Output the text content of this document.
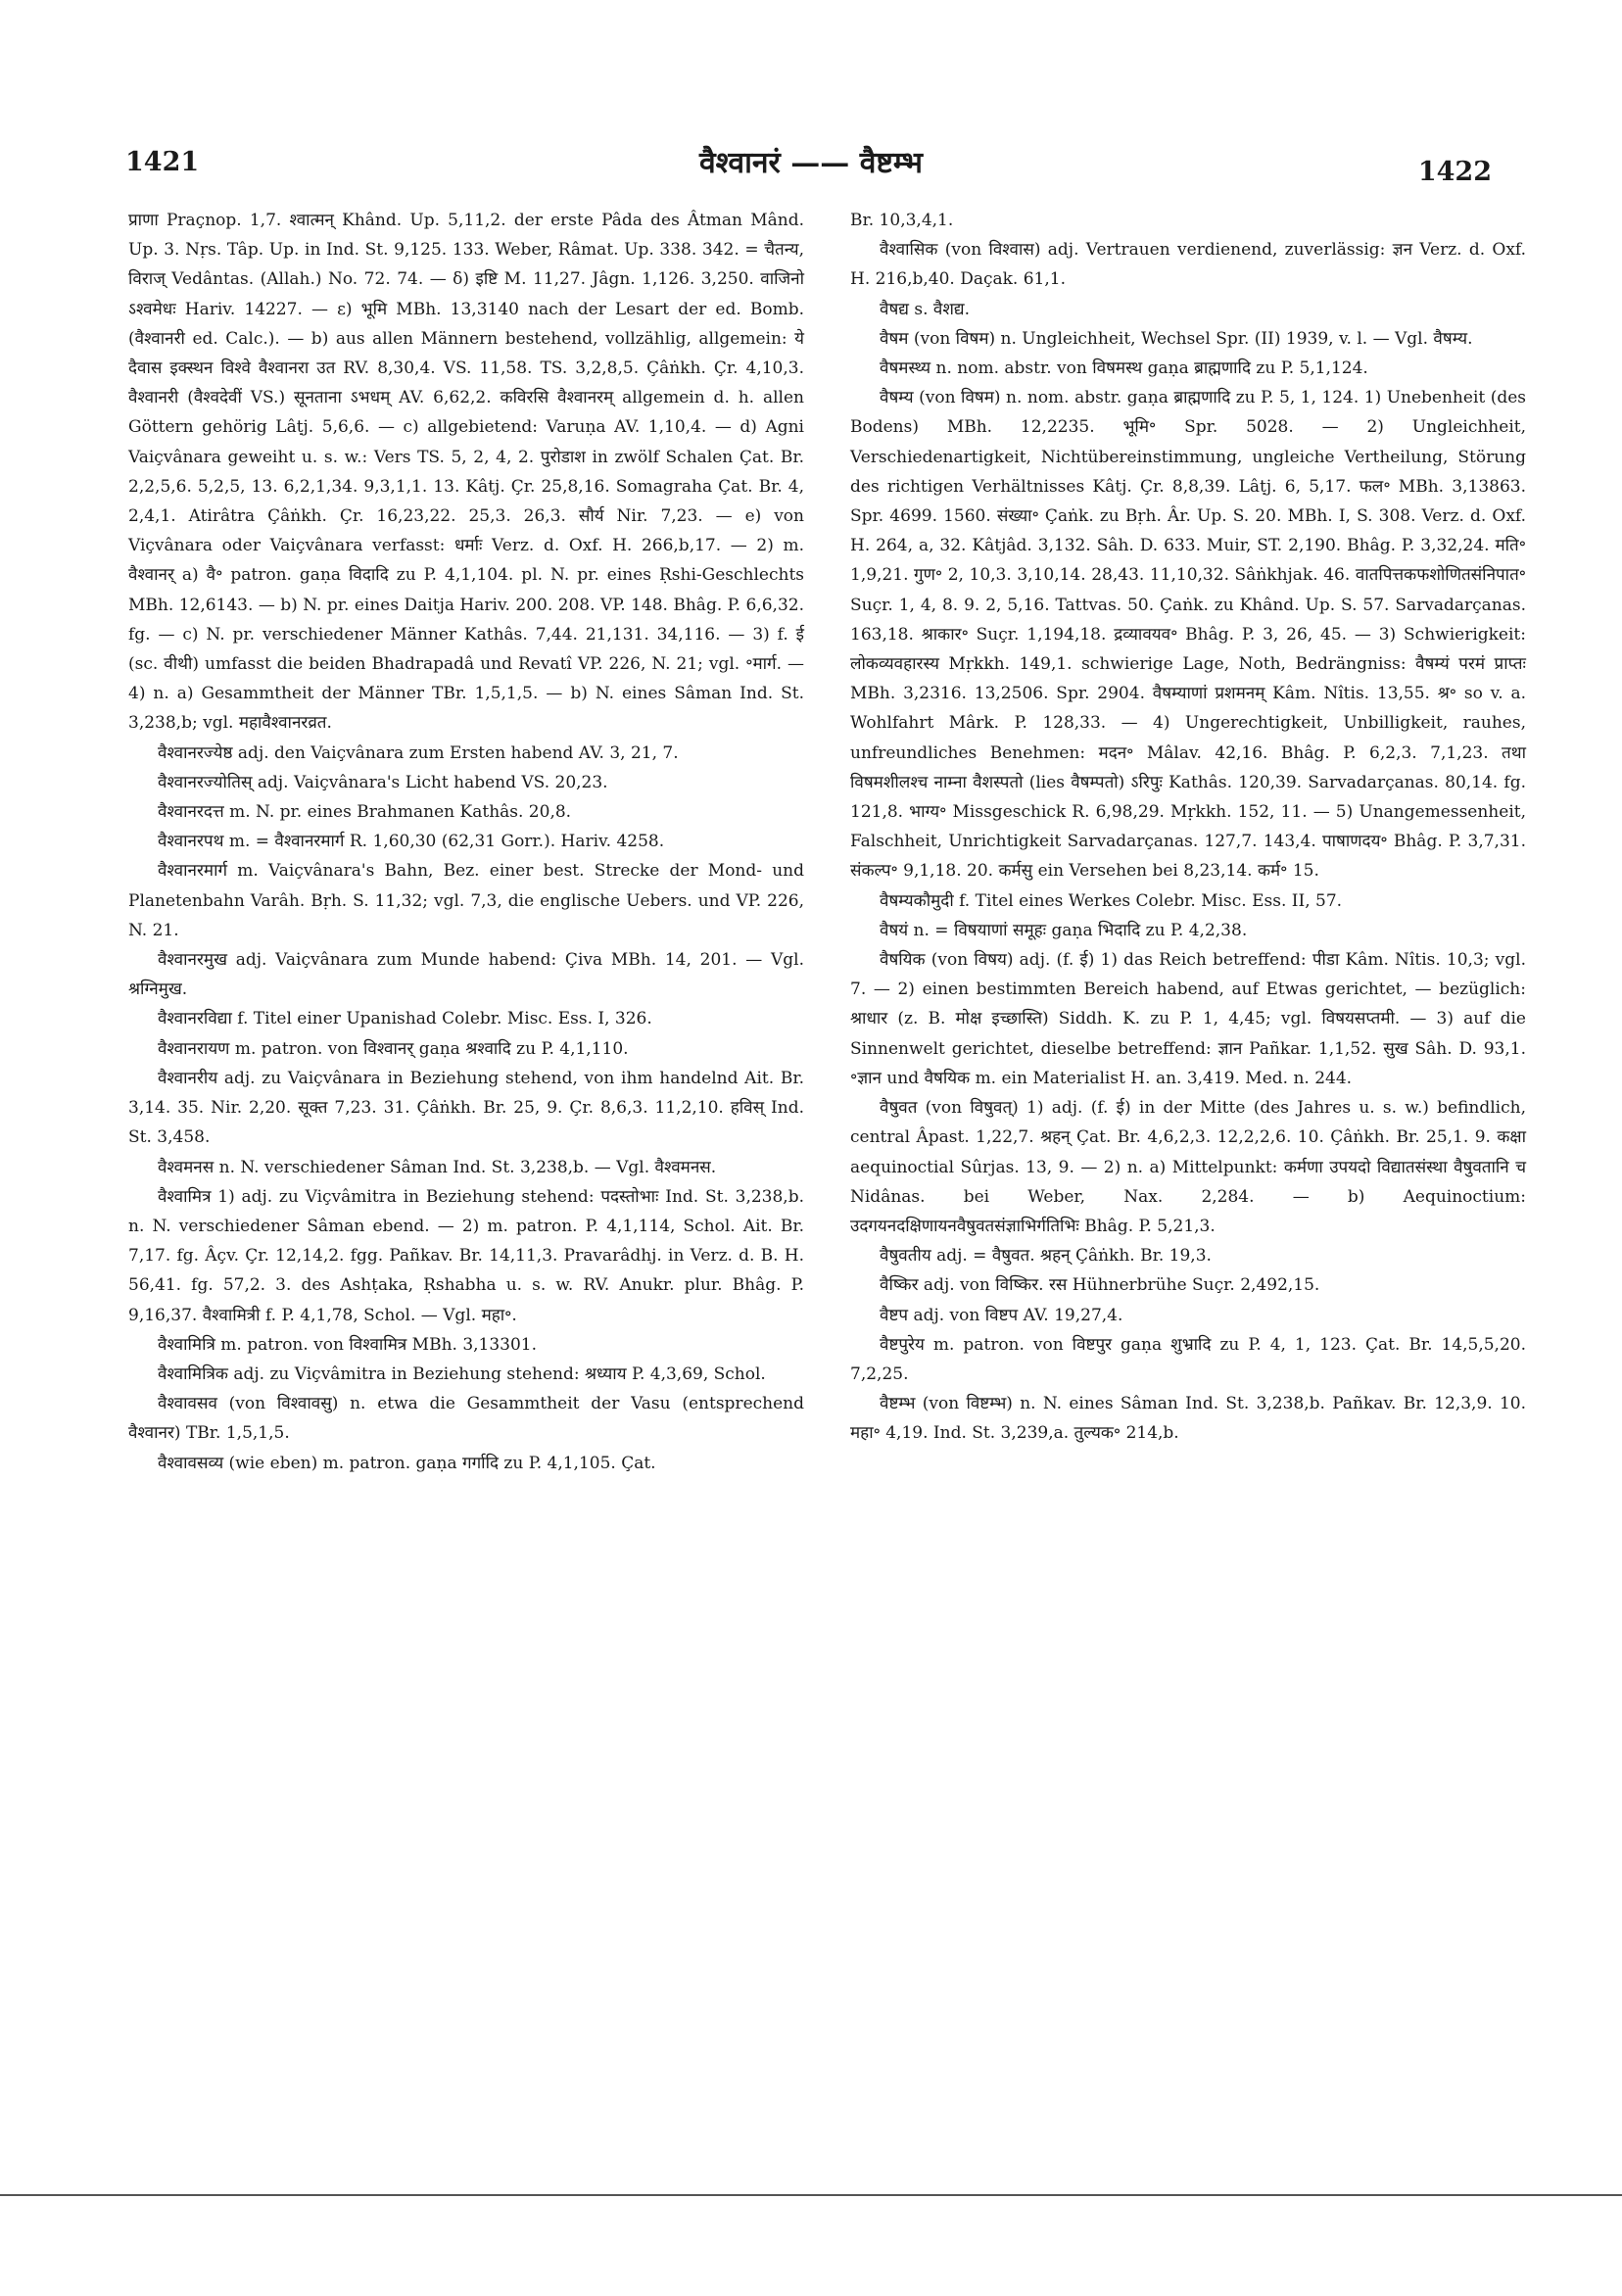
1421	वैश्वानरं —— वैष्टम्भ	1422

प्राणा Praçnop. 1,7. श्वात्मन् Khând. Up. 5,11,2. der erste Pâda des Âtman Mând. Up. 3. Nṛs. Tâp. Up. in Ind. St. 9,125. 133. Weber, Râmat. Up. 338. 342. = चैतन्य, विराज् Vedântas. (Allah.) No. 72. 74. — δ) इष्टि M. 11,27. Jâgn. 1,126. 3,250. वाजिनो ऽश्वमेधः Hariv. 14227. — ε) भूमि MBh. 13,3140 nach der Lesart der ed. Bomb. (वैश्वानरी ed. Calc.). — b) aus allen Männern bestehend, vollzählig, allgemein: ये दैवास इक्स्थन विश्वे वैश्वानरा उत RV. 8,30,4. VS. 11,58. TS. 3,2,8,5. Çâṅkh. Çr. 4,10,3. वैश्वानरी (वैश्वदेवीं VS.) सूनताना ऽभधम् AV. 6,62,2. कविरसि वैश्वानरम् allgemein d. h. allen Göttern gehörig Lâṭj. 5,6,6. — c) allgebietend: Varuṇa AV. 1,10,4. — d) Agni Vaiçvânara geweiht u. s. w.: Vers TS. 5, 2, 4, 2. पुरोडाश in zwölf Schalen Çat. Br. 2,2,5,6. 5,2,5, 13. 6,2,1,34. 9,3,1,1. 13. Kâtj. Çr. 25,8,16. Somagraha Çat. Br. 4, 2,4,1. Atirâtra Çâṅkh. Çr. 16,23,22. 25,3. 26,3. सौर्य Nir. 7,23. — e) von Viçvânara oder Vaiçvânara verfasst: धर्माः Verz. d. Oxf. H. 266,b,17. — 2) m. वैश्वानर् a) वै॰ patron. gaṇa विदादि zu P. 4,1,104. pl. N. pr. eines Ṛshi-Geschlechts MBh. 12,6143. — b) N. pr. eines Daitja Hariv. 200. 208. VP. 148. Bhâg. P. 6,6,32. fg. — c) N. pr. verschiedener Männer Kathâs. 7,44. 21,131. 34,116. — 3) f. ई (sc. वीथी) umfasst die beiden Bhadrapadâ und Revatî VP. 226, N. 21; vgl. ॰मार्ग. — 4) n. a) Gesammtheit der Männer TBr. 1,5,1,5. — b) N. eines Sâman Ind. St. 3,238,b; vgl. महावैश्वानरव्रत.

वैश्वानरज्येष्ठ adj. den Vaiçvânara zum Ersten habend AV. 3, 21, 7.

वैश्वानरज्योतिस् adj. Vaiçvânara's Licht habend VS. 20,23.

वैश्वानरदत्त m. N. pr. eines Brahmanen Kathâs. 20,8.

वैश्वानरपथ m. = वैश्वानरमार्ग R. 1,60,30 (62,31 Gorr.). Hariv. 4258.

वैश्वानरमार्ग m. Vaiçvânara's Bahn, Bez. einer best. Strecke der Mond- und Planetenbahn Varâh. Bṛh. S. 11,32; vgl. 7,3, die englische Uebers. und VP. 226, N. 21.

वैश्वानरमुख adj. Vaiçvânara zum Munde habend: Çiva MBh. 14, 201. — Vgl. श्रग्निमुख.

वैश्वानरविद्या f. Titel einer Upanishad Colebr. Misc. Ess. I, 326.

वैश्वानरायण m. patron. von विश्वानर् gaṇa श्रश्वादि zu P. 4,1,110.

वैश्वानरीय adj. zu Vaiçvânara in Beziehung stehend, von ihm handelnd Ait. Br. 3,14. 35. Nir. 2,20. सूक्त 7,23. 31. Çâṅkh. Br. 25, 9. Çr. 8,6,3. 11,2,10. हविस् Ind. St. 3,458.

वैश्वमनस n. N. verschiedener Sâman Ind. St. 3,238,b. — Vgl. वैश्वमनस.

वैश्वामित्र 1) adj. zu Viçvâmitra in Beziehung stehend: पदस्तोभाः Ind. St. 3,238,b. n. N. verschiedener Sâman ebend. — 2) m. patron. P. 4,1,114, Schol. Ait. Br. 7,17. fg. Âçv. Çr. 12,14,2. fgg. Pañkav. Br. 14,11,3. Pravarâdhj. in Verz. d. B. H. 56,41. fg. 57,2. 3. des Ashṭaka, Ṛshabha u. s. w. RV. Anukr. plur. Bhâg. P. 9,16,37. वैश्वामित्री f. P. 4,1,78, Schol. — Vgl. महा॰.

वैश्वामित्रि m. patron. von विश्वामित्र MBh. 3,13301.

वैश्वामित्रिक adj. zu Viçvâmitra in Beziehung stehend: श्रध्याय P. 4,3,69, Schol.

वैश्वावसव (von विश्वावसु) n. etwa die Gesammtheit der Vasu (entsprechend वैश्वानर) TBr. 1,5,1,5.

वैश्वावसव्य (wie eben) m. patron. gaṇa गर्गादि zu P. 4,1,105. Çat.

Br. 10,3,4,1.

वैश्वासिक (von विश्वास) adj. Vertrauen verdienend, zuverlässig: ज्ञन Verz. d. Oxf. H. 216,b,40. Daçak. 61,1.

वैषद्य s. वैशद्य.

वैषम (von विषम) n. Ungleichheit, Wechsel Spr. (II) 1939, v. l. — Vgl. वैषम्य.

वैषमस्थ्य n. nom. abstr. von विषमस्थ gaṇa ब्राह्मणादि zu P. 5,1,124.

वैषम्य (von विषम) n. nom. abstr. gaṇa ब्राह्मणादि zu P. 5, 1, 124. 1) Unebenheit (des Bodens) MBh. 12,2235. भूमि॰ Spr. 5028. — 2) Ungleichheit, Verschiedenartigkeit, Nichtübereinstimmung, ungleiche Vertheilung, Störung des richtigen Verhältnisses Kâtj. Çr. 8,8,39. Lâṭj. 6, 5,17. फल॰ MBh. 3,13863. Spr. 4699. 1560. संख्या॰ Çaṅk. zu Bṛh. Âr. Up. S. 20. MBh. I, S. 308. Verz. d. Oxf. H. 264, a, 32. Kâtjâd. 3,132. Sâh. D. 633. Muir, ST. 2,190. Bhâg. P. 3,32,24. मति॰ 1,9,21. गुण॰ 2, 10,3. 3,10,14. 28,43. 11,10,32. Sâṅkhjak. 46. वातपित्तकफशोणितसंनिपात॰ Suçr. 1, 4, 8. 9. 2, 5,16. Tattvas. 50. Çaṅk. zu Khând. Up. S. 57. Sarvadarçanas. 163,18. श्राकार॰ Suçr. 1,194,18. द्रव्यावयव॰ Bhâg. P. 3, 26, 45. — 3) Schwierigkeit: लोकव्यवहारस्य Mṛkkh. 149,1. schwierige Lage, Noth, Bedrängniss: वैषम्यं परमं प्राप्तः MBh. 3,2316. 13,2506. Spr. 2904. वैषम्याणां प्रशमनम् Kâm. Nîtis. 13,55. श्र॰ so v. a. Wohlfahrt Mârk. P. 128,33. — 4) Ungerechtigkeit, Unbilligkeit, rauhes, unfreundliches Benehmen: मदन॰ Mâlav. 42,16. Bhâg. P. 6,2,3. 7,1,23. तथा विषमशीलश्च नाम्ना वैशस्पतो (lies वैषम्पतो) ऽरिपुः Kathâs. 120,39. Sarvadarçanas. 80,14. fg. 121,8. भाग्य॰ Missgeschick R. 6,98,29. Mṛkkh. 152, 11. — 5) Unangemessenheit, Falschheit, Unrichtigkeit Sarvadarçanas. 127,7. 143,4. पाषाणदय॰ Bhâg. P. 3,7,31. संकल्प॰ 9,1,18. 20. कर्मसु ein Versehen bei 8,23,14. कर्म॰ 15.

वैषम्यकौमुदी f. Titel eines Werkes Colebr. Misc. Ess. II, 57.

वैषयं n. = विषयाणां समूहः gaṇa भिदादि zu P. 4,2,38.

वैषयिक (von विषय) adj. (f. ई) 1) das Reich betreffend: पीडा Kâm. Nîtis. 10,3; vgl. 7. — 2) einen bestimmten Bereich habend, auf Etwas gerichtet, — bezüglich: श्राधार (z. B. मोक्ष इच्छास्ति) Siddh. K. zu P. 1, 4,45; vgl. विषयसप्तमी. — 3) auf die Sinnenwelt gerichtet, dieselbe betreffend: ज्ञान Pañkar. 1,1,52. सुख Sâh. D. 93,1. ॰ज्ञान und वैषयिक m. ein Materialist H. an. 3,419. Med. n. 244.

वैषुवत (von विषुवत्) 1) adj. (f. ई) in der Mitte (des Jahres u. s. w.) befindlich, central Âpast. 1,22,7. श्रहन् Çat. Br. 4,6,2,3. 12,2,2,6. 10. Çâṅkh. Br. 25,1. 9. कक्षा aequinoctial Sûrjas. 13, 9. — 2) n. a) Mittelpunkt: कर्मणा उपयदो विद्यातसंस्था वैषुवतानि च Nidânas. bei Weber, Nax. 2,284. — b) Aequinoctium: उदगयनदक्षिणायनवैषुवतसंज्ञाभिर्गतिभिः Bhâg. P. 5,21,3.

वैषुवतीय adj. = वैषुवत. श्रहन् Çâṅkh. Br. 19,3.

वैष्किर adj. von विष्किर. रस Hühnerbrühe Suçr. 2,492,15.

वैष्टप adj. von विष्टप AV. 19,27,4.

वैष्टपुरेय m. patron. von विष्टपुर gaṇa शुभ्रादि zu P. 4, 1, 123. Çat. Br. 14,5,5,20. 7,2,25.

वैष्टम्भ (von विष्टम्भ) n. N. eines Sâman Ind. St. 3,238,b. Pañkav. Br. 12,3,9. 10. महा॰ 4,19. Ind. St. 3,239,a. तुल्यक॰ 214,b.
